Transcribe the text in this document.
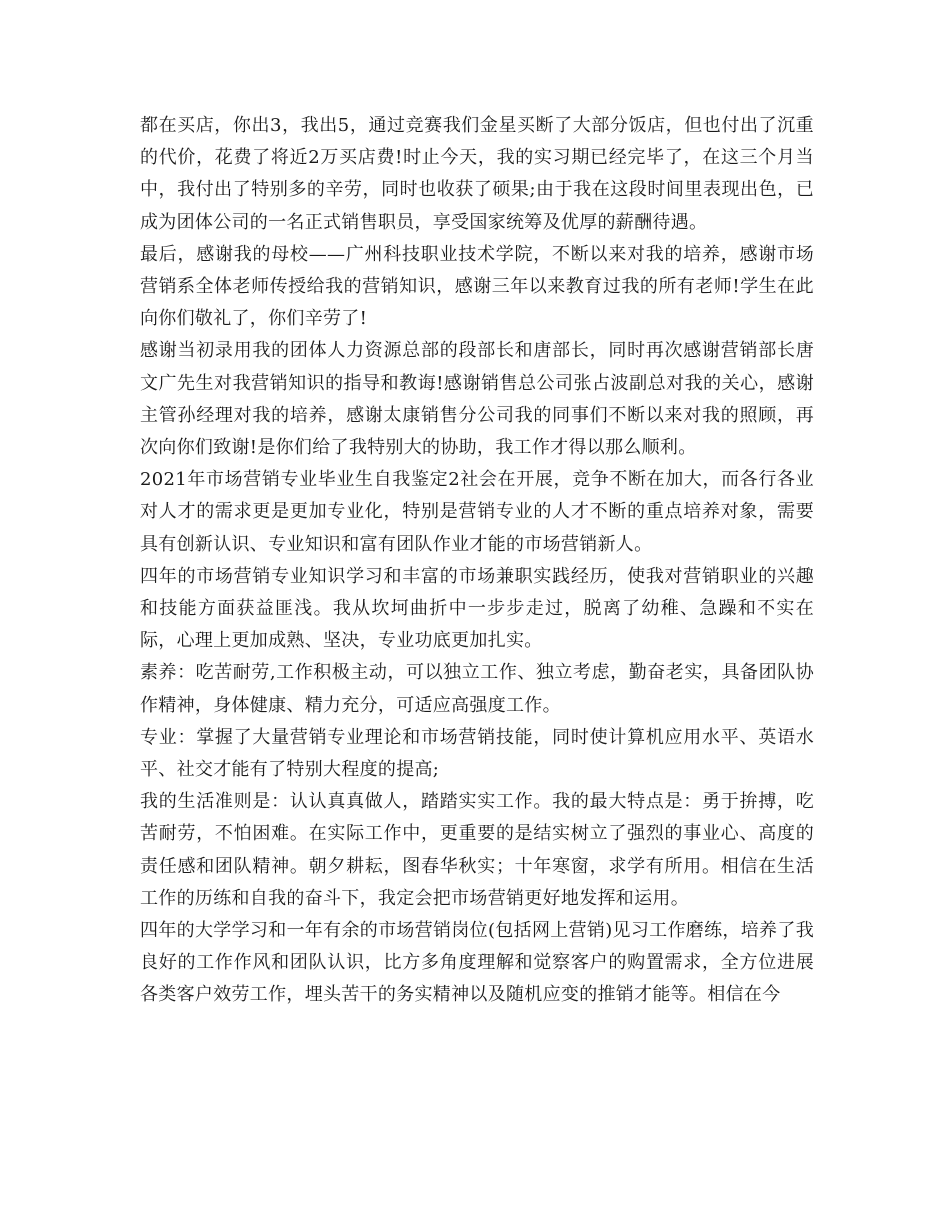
都在买店，你出3，我出5，通过竞赛我们金星买断了大部分饭店，但也付出了沉重的代价，花费了将近2万买店费!时止今天，我的实习期已经完毕了，在这三个月当中，我付出了特别多的辛劳，同时也收获了硕果;由于我在这段时间里表现出色，已成为团体公司的一名正式销售职员，享受国家统筹及优厚的薪酬待遇。

最后，感谢我的母校——广州科技职业技术学院，不断以来对我的培养，感谢市场营销系全体老师传授给我的营销知识，感谢三年以来教育过我的所有老师!学生在此向你们敬礼了，你们辛劳了!

感谢当初录用我的团体人力资源总部的段部长和唐部长，同时再次感谢营销部长唐文广先生对我营销知识的指导和教诲!感谢销售总公司张占波副总对我的关心，感谢主管孙经理对我的培养，感谢太康销售分公司我的同事们不断以来对我的照顾，再次向你们致谢!是你们给了我特别大的协助，我工作才得以那么顺利。

2021年市场营销专业毕业生自我鉴定2社会在开展，竞争不断在加大，而各行各业对人才的需求更是更加专业化，特别是营销专业的人才不断的重点培养对象，需要具有创新认识、专业知识和富有团队作业才能的市场营销新人。

四年的市场营销专业知识学习和丰富的市场兼职实践经历，使我对营销职业的兴趣和技能方面获益匪浅。我从坎坷曲折中一步步走过，脱离了幼稚、急躁和不实在际，心理上更加成熟、坚决，专业功底更加扎实。

素养：吃苦耐劳,工作积极主动，可以独立工作、独立考虑，勤奋老实，具备团队协作精神，身体健康、精力充分，可适应高强度工作。

专业：掌握了大量营销专业理论和市场营销技能，同时使计算机应用水平、英语水平、社交才能有了特别大程度的提高;

我的生活准则是：认认真真做人，踏踏实实工作。我的最大特点是：勇于拚搏，吃苦耐劳，不怕困难。在实际工作中，更重要的是结实树立了强烈的事业心、高度的责任感和团队精神。朝夕耕耘，图春华秋实；十年寒窗，求学有所用。相信在生活工作的历练和自我的奋斗下，我定会把市场营销更好地发挥和运用。

四年的大学学习和一年有余的市场营销岗位(包括网上营销)见习工作磨练，培养了我良好的工作作风和团队认识，比方多角度理解和觉察客户的购置需求，全方位进展各类客户效劳工作，埋头苦干的务实精神以及随机应变的推销才能等。相信在今
